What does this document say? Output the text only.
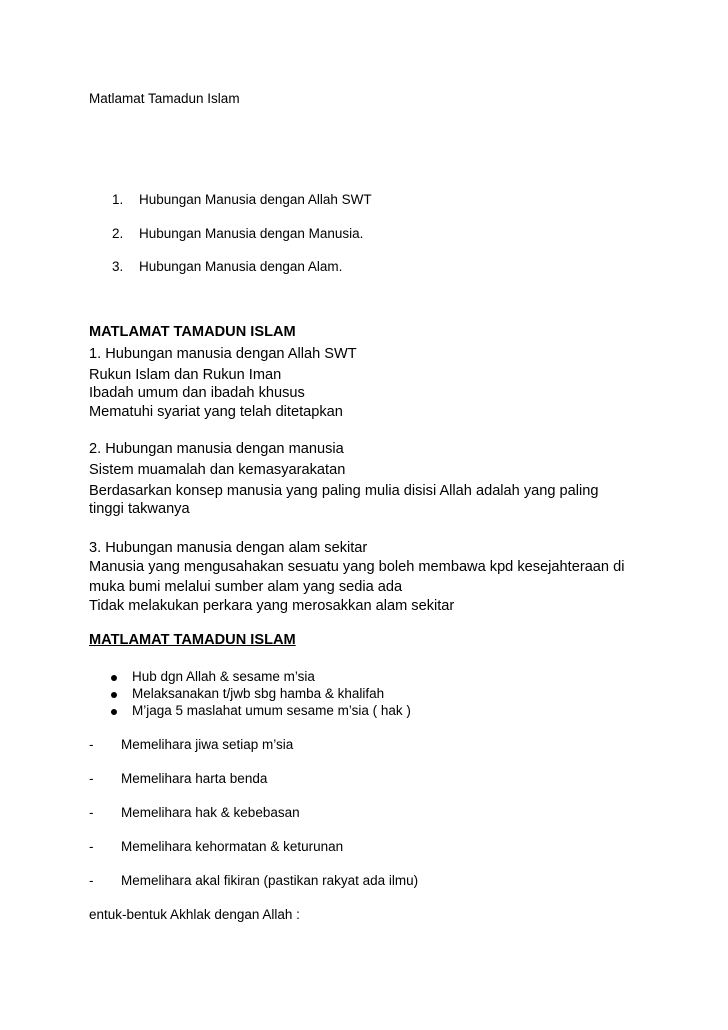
Matlamat Tamadun Islam
1. Hubungan Manusia dengan Allah SWT
2. Hubungan Manusia dengan Manusia.
3. Hubungan Manusia dengan Alam.
MATLAMAT TAMADUN ISLAM
1. Hubungan manusia dengan Allah SWT
Rukun Islam dan Rukun Iman
Ibadah umum dan ibadah khusus
Mematuhi syariat yang telah ditetapkan
2. Hubungan manusia dengan manusia
Sistem muamalah dan kemasyarakatan
Berdasarkan konsep manusia yang paling mulia disisi Allah adalah yang paling
tinggi takwanya
3. Hubungan manusia dengan alam sekitar
Manusia yang mengusahakan sesuatu yang boleh membawa kpd kesejahteraan di
muka bumi melalui sumber alam yang sedia ada
Tidak melakukan perkara yang merosakkan alam sekitar
MATLAMAT TAMADUN ISLAM
Hub dgn Allah & sesame m’sia
Melaksanakan t/jwb sbg hamba & khalifah
M’jaga 5 maslahat umum sesame m’sia ( hak )
- Memelihara jiwa setiap m’sia
- Memelihara harta benda
- Memelihara hak & kebebasan
- Memelihara kehormatan & keturunan
- Memelihara akal fikiran (pastikan rakyat ada ilmu)
entuk-bentuk Akhlak dengan Allah :
